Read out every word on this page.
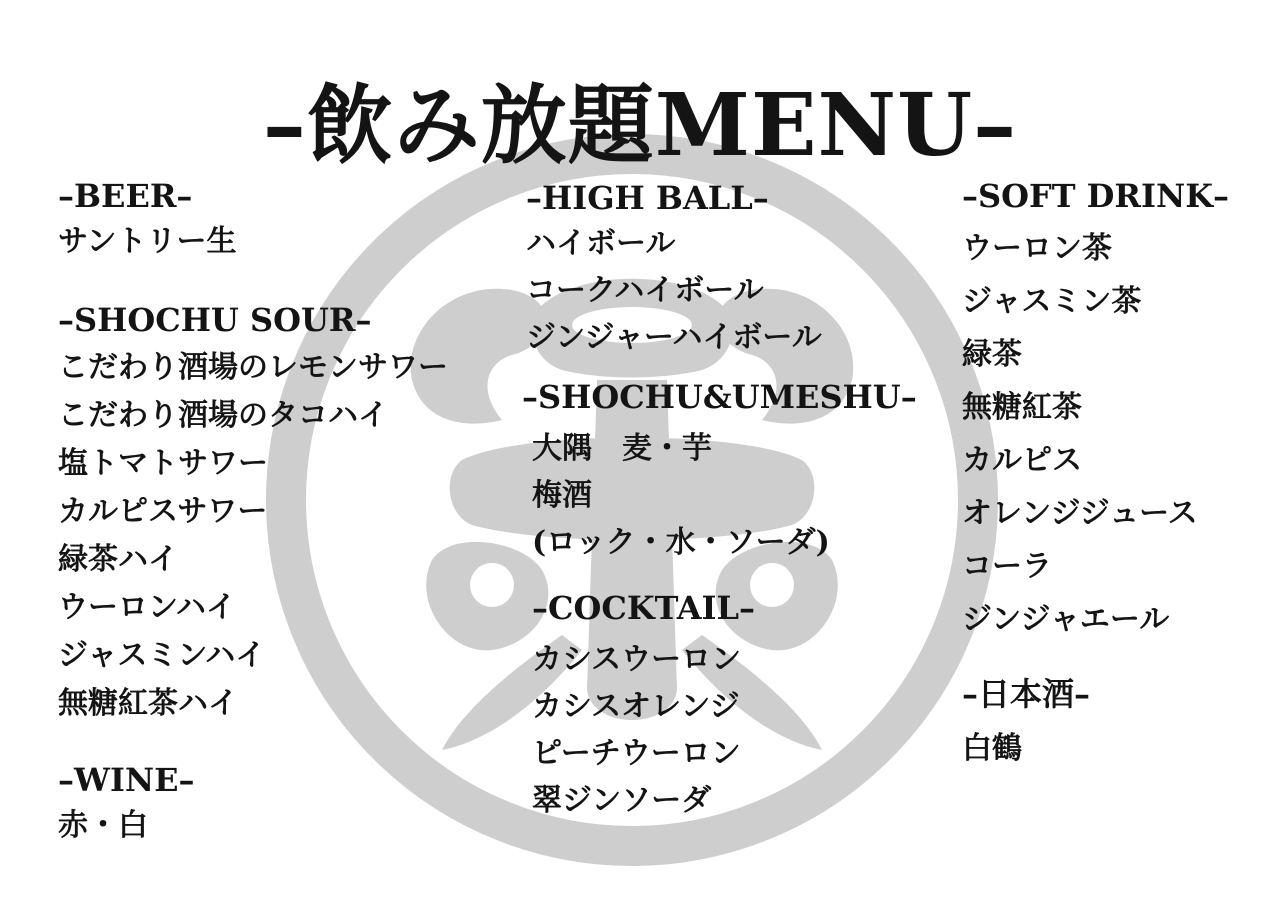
–飲み放題MENU–
–BEER–
サントリー生
–SHOCHU SOUR–
こだわり酒場のレモンサワー
こだわり酒場のタコハイ
塩トマトサワー
カルピスサワー
緑茶ハイ
ウーロンハイ
ジャスミンハイ
無糖紅茶ハイ
–WINE–
赤・白
–HIGH BALL–
ハイボール
コークハイボール
ジンジャーハイボール
–SHOCHU&UMESHU–
大隅　麦・芋
梅酒
(ロック・水・ソーダ)
–COCKTAIL–
カシスウーロン
カシスオレンジ
ピーチウーロン
翠ジンソーダ
–SOFT DRINK–
ウーロン茶
ジャスミン茶
緑茶
無糖紅茶
カルピス
オレンジジュース
コーラ
ジンジャエール
–日本酒–
白鶴
